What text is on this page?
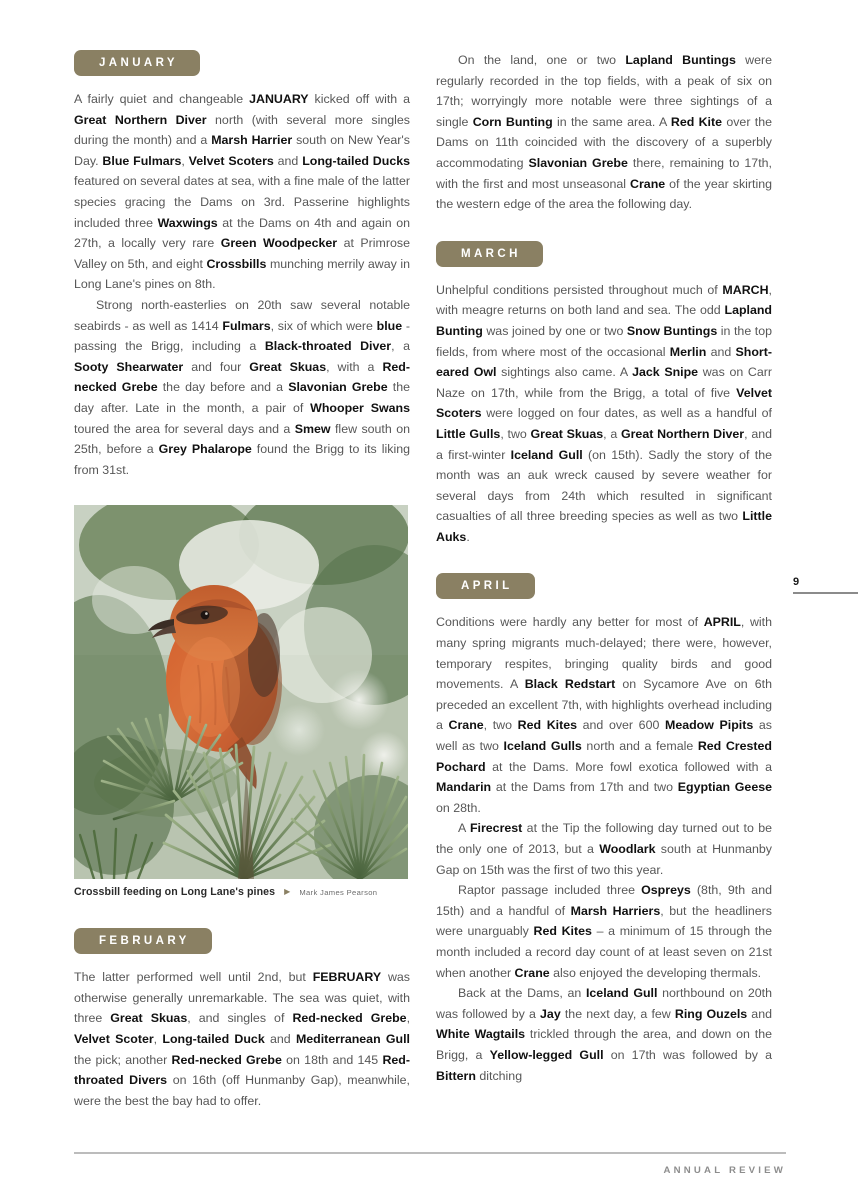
9
JANUARY

A fairly quiet and changeable JANUARY kicked off with a Great Northern Diver north (with several more singles during the month) and a Marsh Harrier south on New Year's Day. Blue Fulmars, Velvet Scoters and Long-tailed Ducks featured on several dates at sea, with a fine male of the latter species gracing the Dams on 3rd. Passerine highlights included three Waxwings at the Dams on 4th and again on 27th, a locally very rare Green Woodpecker at Primrose Valley on 5th, and eight Crossbills munching merrily away in Long Lane's pines on 8th.

Strong north-easterlies on 20th saw several notable seabirds - as well as 1414 Fulmars, six of which were blue - passing the Brigg, including a Black-throated Diver, a Sooty Shearwater and four Great Skuas, with a Red-necked Grebe the day before and a Slavonian Grebe the day after. Late in the month, a pair of Whooper Swans toured the area for several days and a Smew flew south on 25th, before a Grey Phalarope found the Brigg to its liking from 31st.

Crossbill feeding on Long Lane's pines ▶ Mark James Pearson
FEBRUARY

The latter performed well until 2nd, but FEBRUARY was otherwise generally unremarkable. The sea was quiet, with three Great Skuas, and singles of Red-necked Grebe, Velvet Scoter, Long-tailed Duck and Mediterranean Gull the pick; another Red-necked Grebe on 18th and 145 Red-throated Divers on 16th (off Hunmanby Gap), meanwhile, were the best the bay had to offer.

On the land, one or two Lapland Buntings were regularly recorded in the top fields, with a peak of six on 17th; worryingly more notable were three sightings of a single Corn Bunting in the same area. A Red Kite over the Dams on 11th coincided with the discovery of a superbly accommodating Slavonian Grebe there, remaining to 17th, with the first and most unseasonal Crane of the year skirting the western edge of the area the following day.

MARCH

Unhelpful conditions persisted throughout much of MARCH, with meagre returns on both land and sea. The odd Lapland Bunting was joined by one or two Snow Buntings in the top fields, from where most of the occasional Merlin and Short-eared Owl sightings also came. A Jack Snipe was on Carr Naze on 17th, while from the Brigg, a total of five Velvet Scoters were logged on four dates, as well as a handful of Little Gulls, two Great Skuas, a Great Northern Diver, and a first-winter Iceland Gull (on 15th). Sadly the story of the month was an auk wreck caused by severe weather for several days from 24th which resulted in significant casualties of all three breeding species as well as two Little Auks.

APRIL

Conditions were hardly any better for most of APRIL, with many spring migrants much-delayed; there were, however, temporary respites, bringing quality birds and good movements. A Black Redstart on Sycamore Ave on 6th preceded an excellent 7th, with highlights overhead including a Crane, two Red Kites and over 600 Meadow Pipits as well as two Iceland Gulls north and a female Red Crested Pochard at the Dams. More fowl exotica followed with a Mandarin at the Dams from 17th and two Egyptian Geese on 28th.

A Firecrest at the Tip the following day turned out to be the only one of 2013, but a Woodlark south at Hunmanby Gap on 15th was the first of two this year.

Raptor passage included three Ospreys (8th, 9th and 15th) and a handful of Marsh Harriers, but the headliners were unarguably Red Kites – a minimum of 15 through the month included a record day count of at least seven on 21st when another Crane also enjoyed the developing thermals.

Back at the Dams, an Iceland Gull northbound on 20th was followed by a Jay the next day, a few Ring Ouzels and White Wagtails trickled through the area, and down on the Brigg, a Yellow-legged Gull on 17th was followed by a Bittern ditching

ANNUAL REVIEW
